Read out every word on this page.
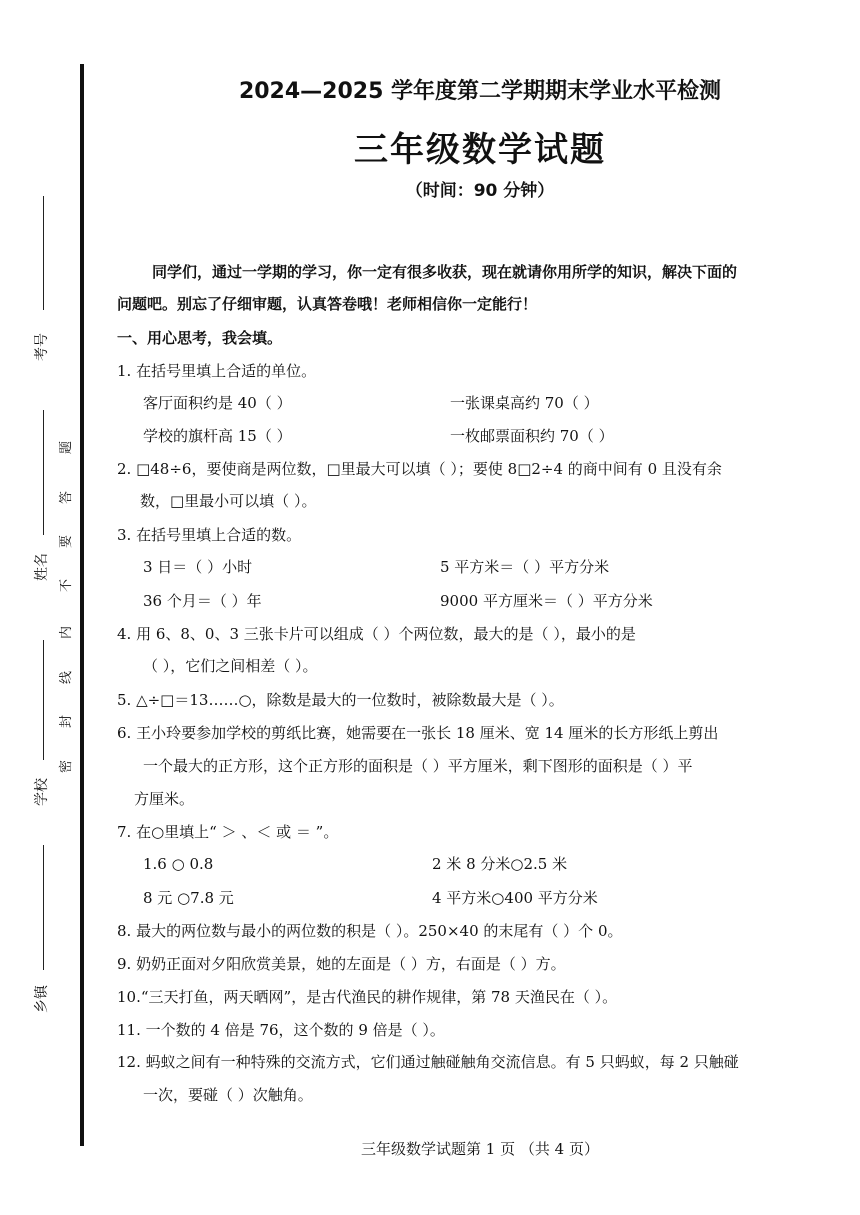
考号
姓名
学校
乡镇
题
答
要
不
内
线
封
密
2024—2025 学年度第二学期期末学业水平检测
三年级数学试题
（时间：90 分钟）
同学们，通过一学期的学习，你一定有很多收获，现在就请你用所学的知识，解决下面的
问题吧。别忘了仔细审题，认真答卷哦！老师相信你一定能行！
一、用心思考，我会填。
1. 在括号里填上合适的单位。
客厅面积约是 40（ ）	一张课桌高约 70（ ）
学校的旗杆高 15（ ）	一枚邮票面积约 70（ ）
2. □48÷6，要使商是两位数，□里最大可以填（ ）；要使 8□2÷4 的商中间有 0 且没有余
数，□里最小可以填（ ）。
3. 在括号里填上合适的数。
3 日＝（ ）小时	5 平方米＝（ ）平方分米
36 个月＝（ ）年	9000 平方厘米＝（ ）平方分米
4. 用 6、8、0、3 三张卡片可以组成（ ）个两位数，最大的是（ ），最小的是
（ ），它们之间相差（ ）。
5. △÷□＝13……○，除数是最大的一位数时，被除数最大是（ ）。
6. 王小玲要参加学校的剪纸比赛，她需要在一张长 18 厘米、宽 14 厘米的长方形纸上剪出
一个最大的正方形，这个正方形的面积是（ ）平方厘米，剩下图形的面积是（ ）平
方厘米。
7. 在○里填上“ ＞ 、＜ 或 ＝ ”。
1.6 ○ 0.8	2 米 8 分米○2.5 米
8 元 ○7.8 元	4 平方米○400 平方分米
8. 最大的两位数与最小的两位数的积是（ ）。250×40 的末尾有（ ）个 0。
9. 奶奶正面对夕阳欣赏美景，她的左面是（ ）方，右面是（ ）方。
10.“三天打鱼，两天晒网”，是古代渔民的耕作规律，第 78 天渔民在（ ）。
11. 一个数的 4 倍是 76，这个数的 9 倍是（ ）。
12. 蚂蚁之间有一种特殊的交流方式，它们通过触碰触角交流信息。有 5 只蚂蚁，每 2 只触碰
一次，要碰（ ）次触角。
三年级数学试题第 1 页 （共 4 页）
